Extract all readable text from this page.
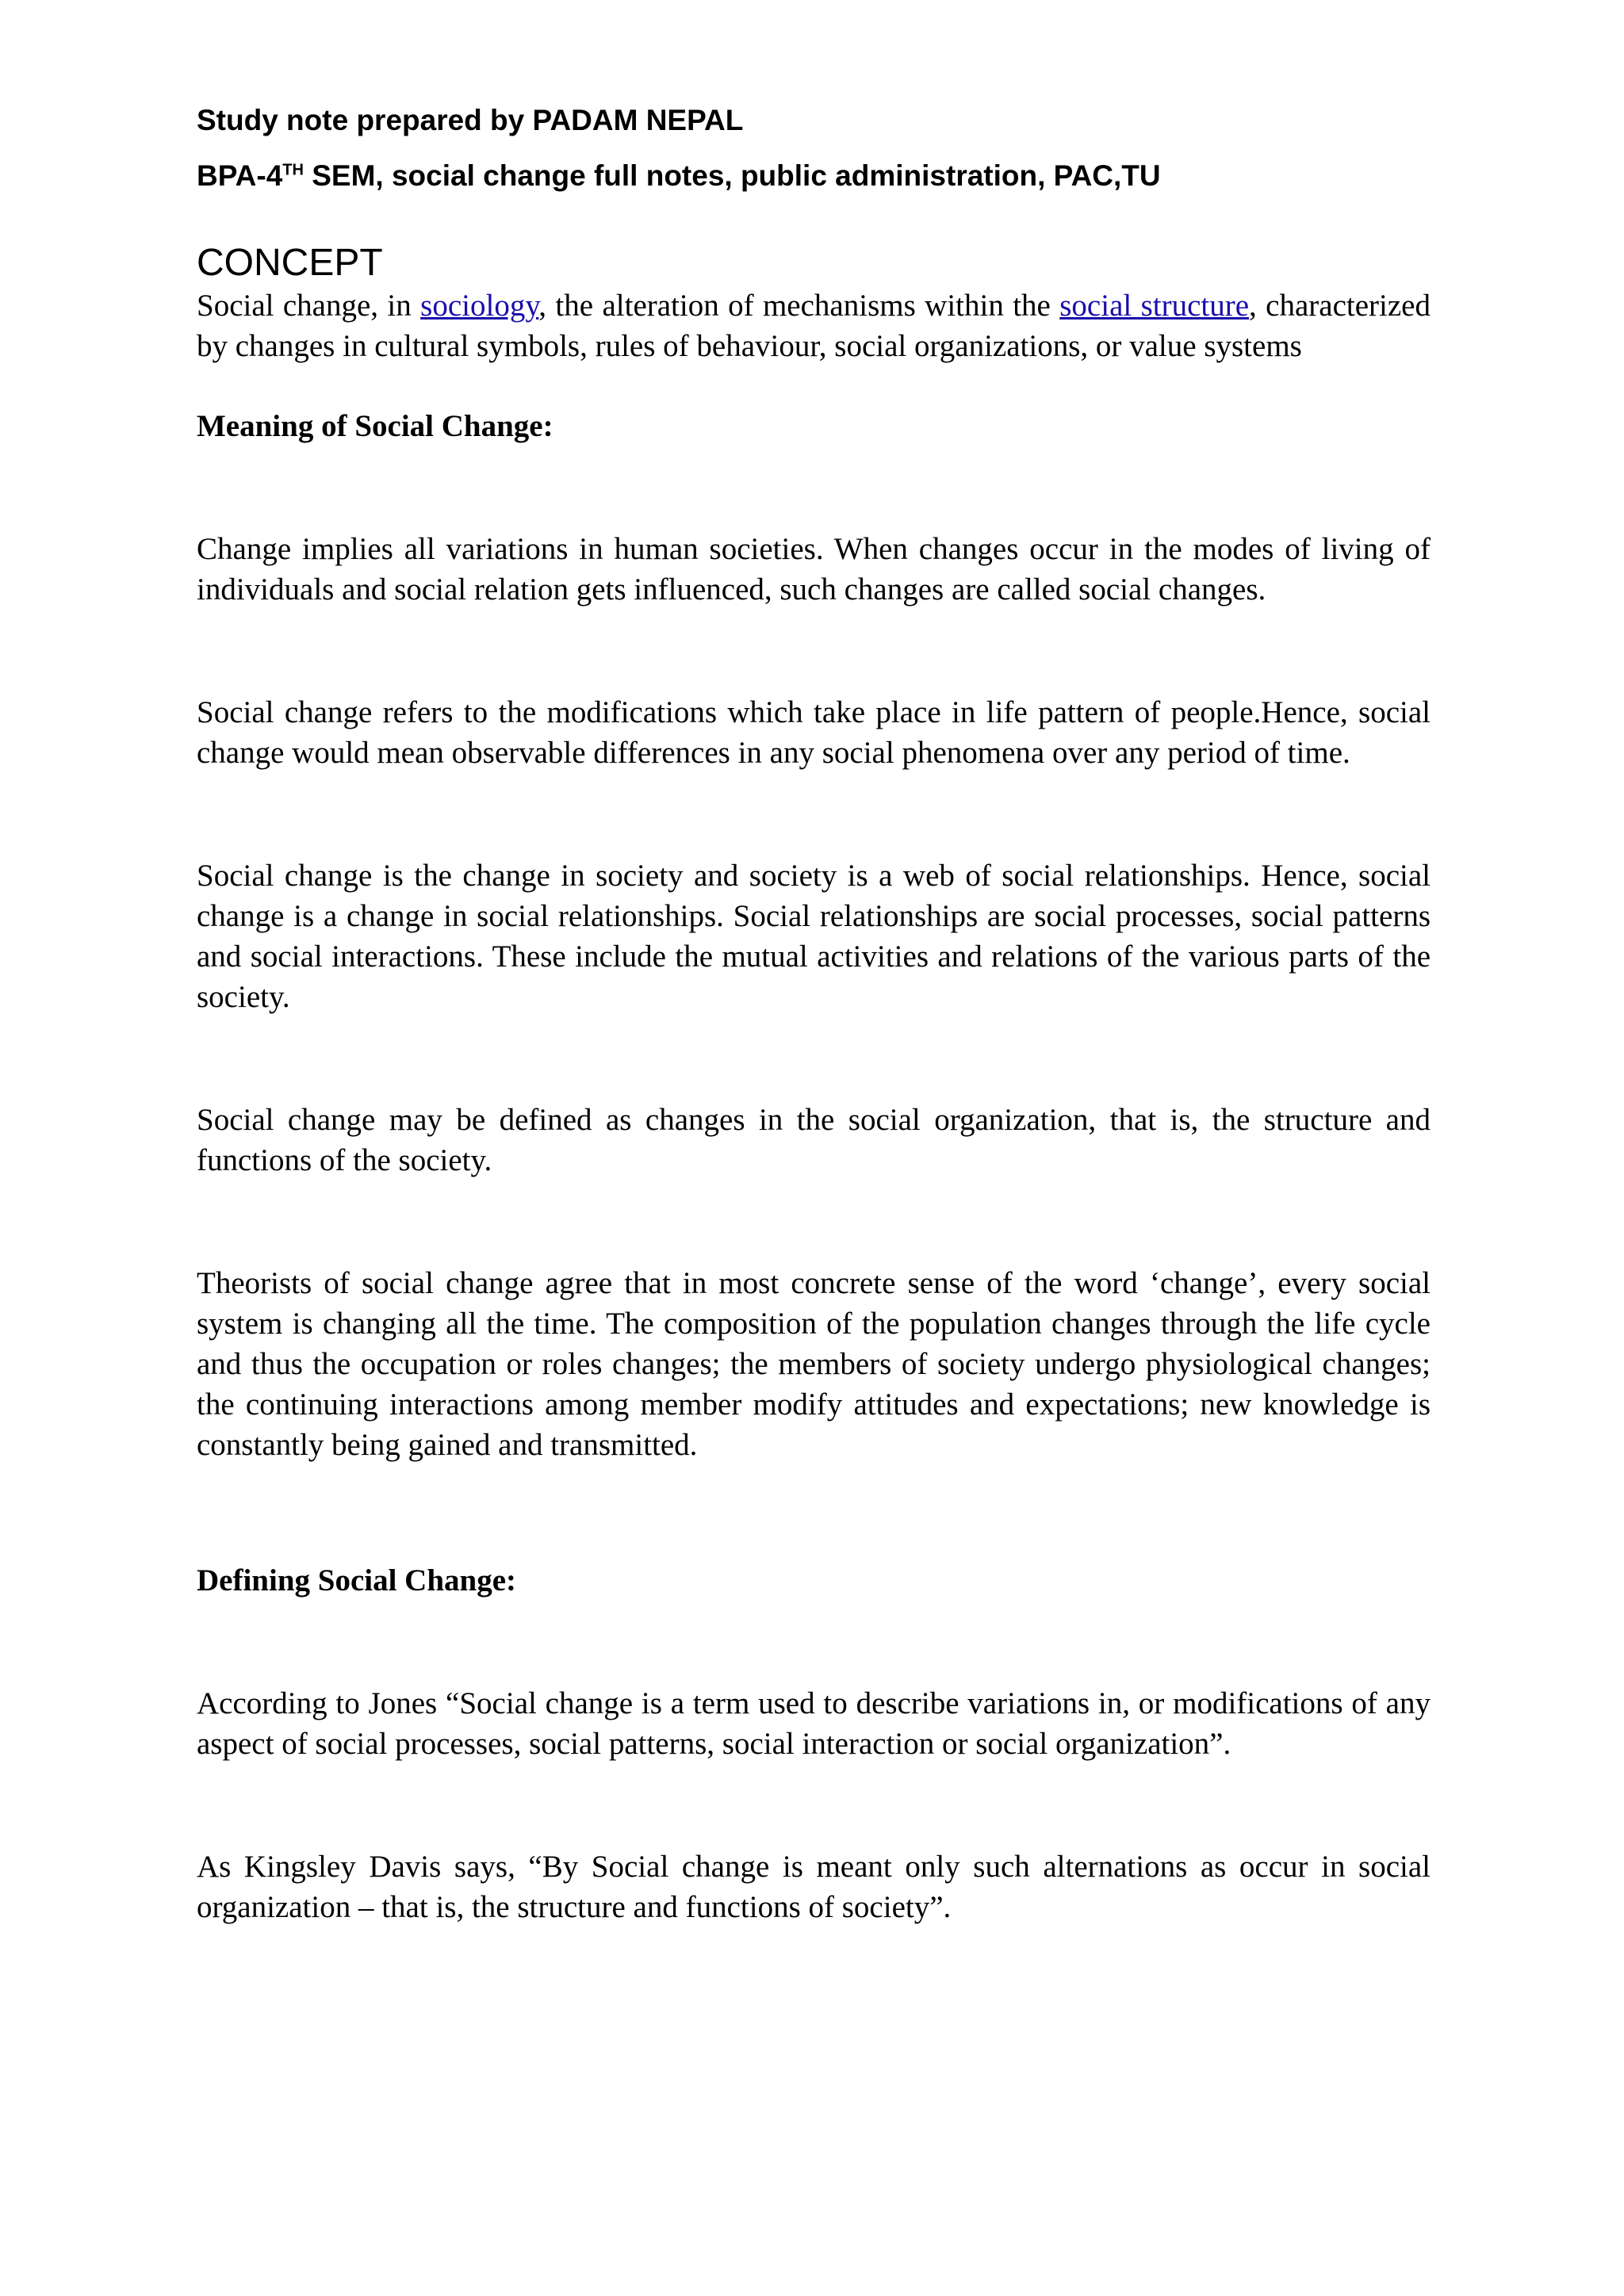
Study note prepared by PADAM NEPAL

BPA-4TH SEM, social change full notes, public administration, PAC,TU

CONCEPT

Social change, in sociology, the alteration of mechanisms within the social structure, characterized by changes in cultural symbols, rules of behaviour, social organizations, or value systems

Meaning of Social Change:

Change implies all variations in human societies. When changes occur in the modes of living of individuals and social relation gets influenced, such changes are called social changes.

Social change refers to the modifications which take place in life pattern of people.Hence, social change would mean observable differences in any social phenomena over any period of time.

Social change is the change in society and society is a web of social relationships. Hence, social change is a change in social relationships. Social relationships are social processes, social patterns and social interactions. These include the mutual activities and relations of the various parts of the society.

Social change may be defined as changes in the social organization, that is, the structure and functions of the society.

Theorists of social change agree that in most concrete sense of the word ‘change’, every social system is changing all the time. The composition of the population changes through the life cycle and thus the occupation or roles changes; the members of society undergo physiological changes; the continuing interactions among member modify attitudes and expectations; new knowledge is constantly being gained and transmitted.

Defining Social Change:

According to Jones “Social change is a term used to describe variations in, or modifications of any aspect of social processes, social patterns, social interaction or social organization”.

As Kingsley Davis says, “By Social change is meant only such alternations as occur in social organization – that is, the structure and functions of society”.
